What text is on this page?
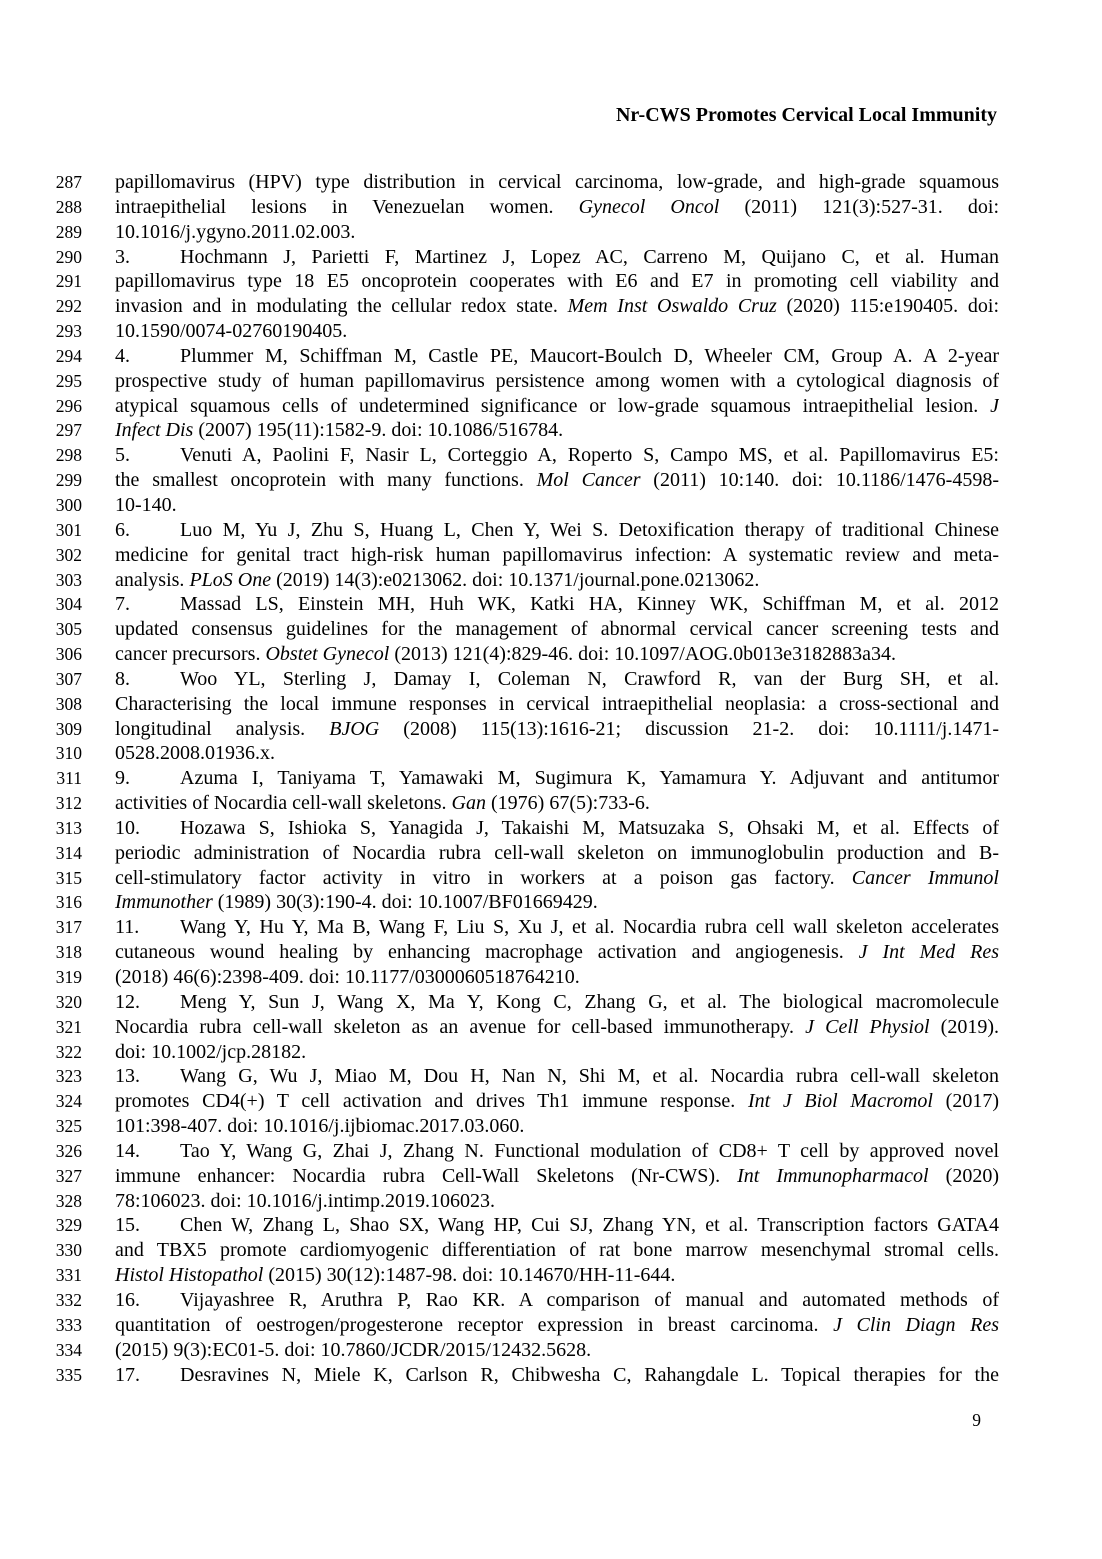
Nr-CWS Promotes Cervical Local Immunity
287 papillomavirus (HPV) type distribution in cervical carcinoma, low-grade, and high-grade squamous
288 intraepithelial lesions in Venezuelan women. Gynecol Oncol (2011) 121(3):527-31. doi:
289 10.1016/j.ygyno.2011.02.003.
290 3.	Hochmann J, Parietti F, Martinez J, Lopez AC, Carreno M, Quijano C, et al. Human
291 papillomavirus type 18 E5 oncoprotein cooperates with E6 and E7 in promoting cell viability and
292 invasion and in modulating the cellular redox state. Mem Inst Oswaldo Cruz (2020) 115:e190405. doi:
293 10.1590/0074-02760190405.
294 4.	Plummer M, Schiffman M, Castle PE, Maucort-Boulch D, Wheeler CM, Group A. A 2-year
295 prospective study of human papillomavirus persistence among women with a cytological diagnosis of
296 atypical squamous cells of undetermined significance or low-grade squamous intraepithelial lesion. J
297 Infect Dis (2007) 195(11):1582-9. doi: 10.1086/516784.
298 5.	Venuti A, Paolini F, Nasir L, Corteggio A, Roperto S, Campo MS, et al. Papillomavirus E5:
299 the smallest oncoprotein with many functions. Mol Cancer (2011) 10:140. doi: 10.1186/1476-4598-
300 10-140.
301 6.	Luo M, Yu J, Zhu S, Huang L, Chen Y, Wei S. Detoxification therapy of traditional Chinese
302 medicine for genital tract high-risk human papillomavirus infection: A systematic review and meta-
303 analysis. PLoS One (2019) 14(3):e0213062. doi: 10.1371/journal.pone.0213062.
304 7.	Massad LS, Einstein MH, Huh WK, Katki HA, Kinney WK, Schiffman M, et al. 2012
305 updated consensus guidelines for the management of abnormal cervical cancer screening tests and
306 cancer precursors. Obstet Gynecol (2013) 121(4):829-46. doi: 10.1097/AOG.0b013e3182883a34.
307 8.	Woo YL, Sterling J, Damay I, Coleman N, Crawford R, van der Burg SH, et al.
308 Characterising the local immune responses in cervical intraepithelial neoplasia: a cross-sectional and
309 longitudinal analysis. BJOG (2008) 115(13):1616-21; discussion 21-2. doi: 10.1111/j.1471-
310 0528.2008.01936.x.
311 9.	Azuma I, Taniyama T, Yamawaki M, Sugimura K, Yamamura Y. Adjuvant and antitumor
312 activities of Nocardia cell-wall skeletons. Gan (1976) 67(5):733-6.
313 10. Hozawa S, Ishioka S, Yanagida J, Takaishi M, Matsuzaka S, Ohsaki M, et al. Effects of
314 periodic administration of Nocardia rubra cell-wall skeleton on immunoglobulin production and B-
315 cell-stimulatory factor activity in vitro in workers at a poison gas factory. Cancer Immunol
316 Immunother (1989) 30(3):190-4. doi: 10.1007/BF01669429.
317 11. Wang Y, Hu Y, Ma B, Wang F, Liu S, Xu J, et al. Nocardia rubra cell wall skeleton accelerates
318 cutaneous wound healing by enhancing macrophage activation and angiogenesis. J Int Med Res
319 (2018) 46(6):2398-409. doi: 10.1177/0300060518764210.
320 12. Meng Y, Sun J, Wang X, Ma Y, Kong C, Zhang G, et al. The biological macromolecule
321 Nocardia rubra cell-wall skeleton as an avenue for cell-based immunotherapy. J Cell Physiol (2019).
322 doi: 10.1002/jcp.28182.
323 13. Wang G, Wu J, Miao M, Dou H, Nan N, Shi M, et al. Nocardia rubra cell-wall skeleton
324 promotes CD4(+) T cell activation and drives Th1 immune response. Int J Biol Macromol (2017)
325 101:398-407. doi: 10.1016/j.ijbiomac.2017.03.060.
326 14. Tao Y, Wang G, Zhai J, Zhang N. Functional modulation of CD8+ T cell by approved novel
327 immune enhancer: Nocardia rubra Cell-Wall Skeletons (Nr-CWS). Int Immunopharmacol (2020)
328 78:106023. doi: 10.1016/j.intimp.2019.106023.
329 15. Chen W, Zhang L, Shao SX, Wang HP, Cui SJ, Zhang YN, et al. Transcription factors GATA4
330 and TBX5 promote cardiomyogenic differentiation of rat bone marrow mesenchymal stromal cells.
331 Histol Histopathol (2015) 30(12):1487-98. doi: 10.14670/HH-11-644.
332 16. Vijayashree R, Aruthra P, Rao KR. A comparison of manual and automated methods of
333 quantitation of oestrogen/progesterone receptor expression in breast carcinoma. J Clin Diagn Res
334 (2015) 9(3):EC01-5. doi: 10.7860/JCDR/2015/12432.5628.
335 17. Desravines N, Miele K, Carlson R, Chibwesha C, Rahangdale L. Topical therapies for the
9
